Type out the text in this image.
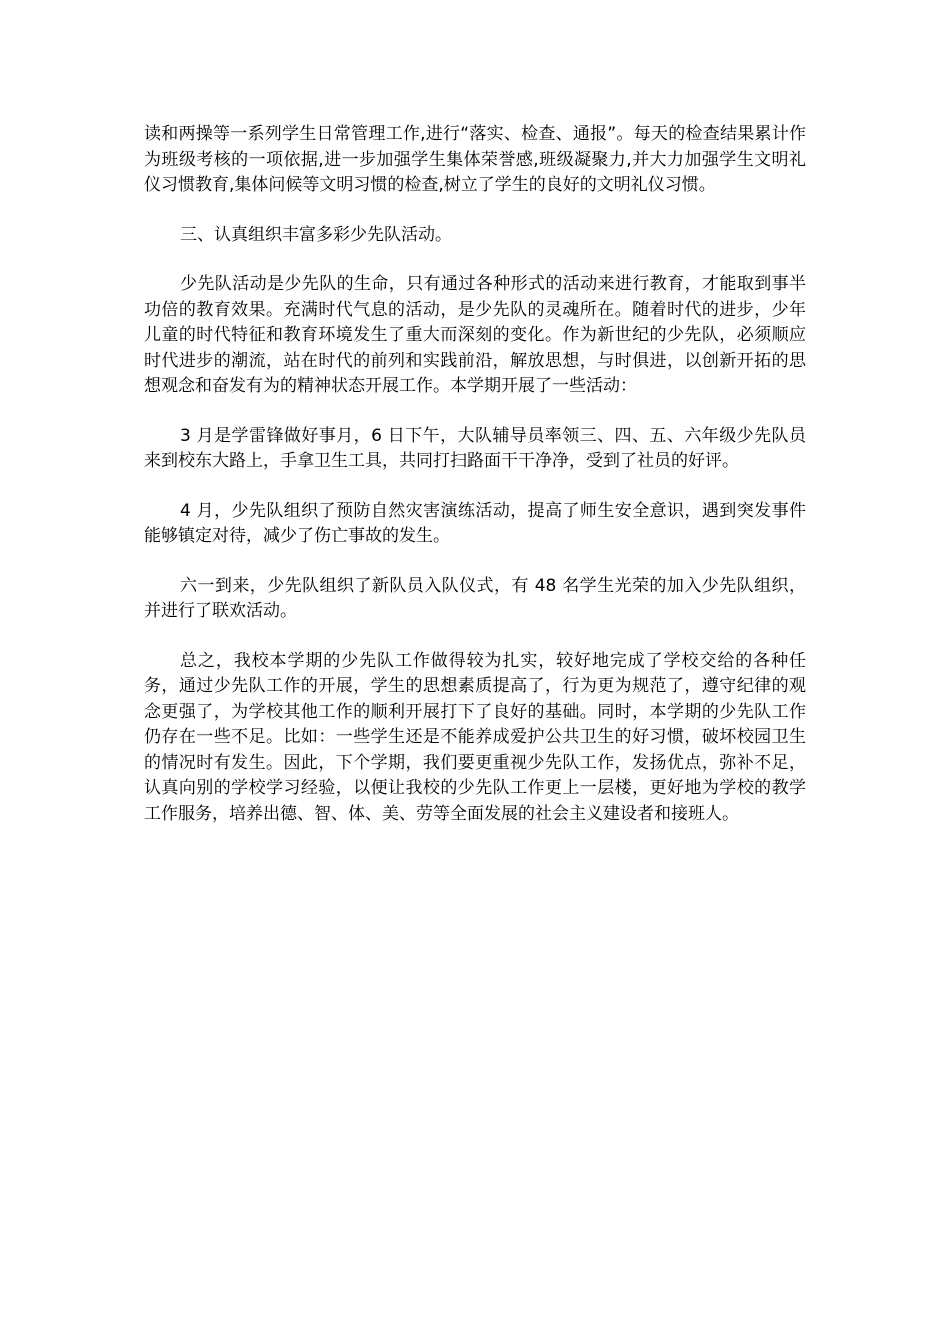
读和两操等一系列学生日常管理工作,进行“落实、检查、通报”。每天的检查结果累计作为班级考核的一项依据,进一步加强学生集体荣誉感,班级凝聚力,并大力加强学生文明礼仪习惯教育,集体问候等文明习惯的检查,树立了学生的良好的文明礼仪习惯。

三、认真组织丰富多彩少先队活动。

少先队活动是少先队的生命，只有通过各种形式的活动来进行教育，才能取到事半功倍的教育效果。充满时代气息的活动，是少先队的灵魂所在。随着时代的进步，少年儿童的时代特征和教育环境发生了重大而深刻的变化。作为新世纪的少先队，必须顺应时代进步的潮流，站在时代的前列和实践前沿，解放思想，与时俱进，以创新开拓的思想观念和奋发有为的精神状态开展工作。本学期开展了一些活动：

3 月是学雷锋做好事月，6 日下午，大队辅导员率领三、四、五、六年级少先队员来到校东大路上，手拿卫生工具，共同打扫路面干干净净，受到了社员的好评。

4 月，少先队组织了预防自然灾害演练活动，提高了师生安全意识，遇到突发事件能够镇定对待，减少了伤亡事故的发生。

六一到来，少先队组织了新队员入队仪式，有 48 名学生光荣的加入少先队组织，并进行了联欢活动。

总之，我校本学期的少先队工作做得较为扎实，较好地完成了学校交给的各种任务，通过少先队工作的开展，学生的思想素质提高了，行为更为规范了，遵守纪律的观念更强了，为学校其他工作的顺利开展打下了良好的基础。同时，本学期的少先队工作仍存在一些不足。比如：一些学生还是不能养成爱护公共卫生的好习惯，破坏校园卫生的情况时有发生。因此，下个学期，我们要更重视少先队工作，发扬优点，弥补不足，认真向别的学校学习经验，以便让我校的少先队工作更上一层楼，更好地为学校的教学工作服务，培养出德、智、体、美、劳等全面发展的社会主义建设者和接班人。
